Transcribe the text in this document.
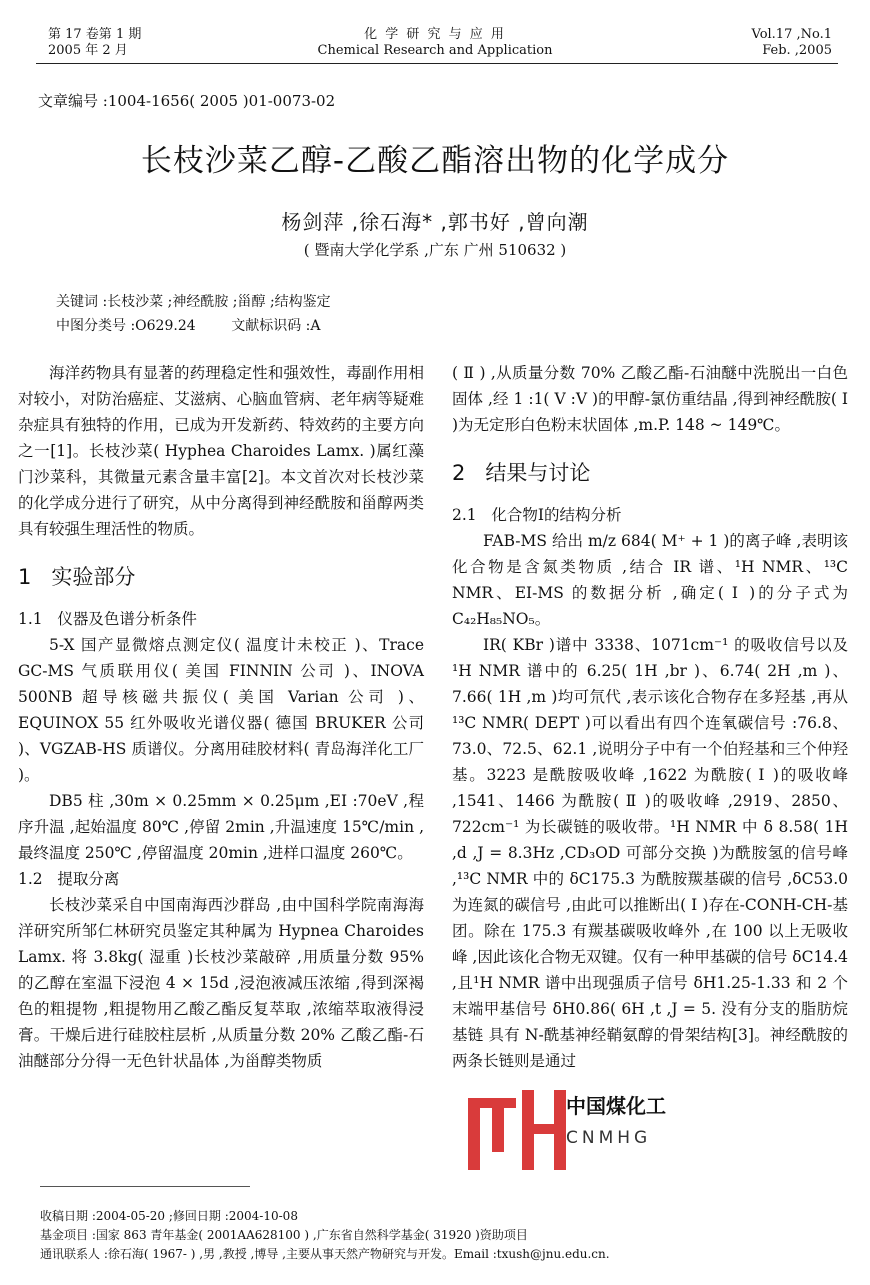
第 17 卷第 1 期
2005 年 2 月
化 学 研 究 与 应 用
Chemical Research and Application
Vol.17 ,No.1
Feb. ,2005
文章编号 :1004-1656( 2005 )01-0073-02
长枝沙菜乙醇-乙酸乙酯溶出物的化学成分
杨剑萍 ,徐石海* ,郭书好 ,曾向潮
( 暨南大学化学系 ,广东 广州 510632 )
关键词 :长枝沙菜 ;神经酰胺 ;甾醇 ;结构鉴定
中图分类号 :O629.24        文献标识码 :A

海洋药物具有显著的药理稳定性和强效性，毒副作用相对较小，对防治癌症、艾滋病、心脑血管病、老年病等疑难杂症具有独特的作用，已成为开发新药、特效药的主要方向之一[1]。长枝沙菜( Hyphea Charoides Lamx. )属红藻门沙菜科，其微量元素含量丰富[2]。本文首次对长枝沙菜的化学成分进行了研究，从中分离得到神经酰胺和甾醇两类具有较强生理活性的物质。

1   实验部分
1.1   仪器及色谱分析条件

5-X 国产显微熔点测定仪( 温度计未校正 )、Trace GC-MS 气质联用仪( 美国 FINNIN 公司 )、INOVA 500NB 超导核磁共振仪( 美国 Varian 公司 )、EQUINOX 55 红外吸收光谱仪器( 德国 BRUKER 公司 )、VGZAB-HS 质谱仪。分离用硅胶材料( 青岛海洋化工厂 )。

DB5 柱 ,30m × 0.25mm × 0.25μm ,EI :70eV ,程序升温 ,起始温度 80℃ ,停留 2min ,升温速度 15℃/min ,最终温度 250℃ ,停留温度 20min ,进样口温度 260℃。

1.2   提取分离

长枝沙菜采自中国南海西沙群岛 ,由中国科学院南海海洋研究所邹仁林研究员鉴定其种属为 Hypnea Charoides Lamx. 将 3.8kg( 湿重 )长枝沙菜敲碎 ,用质量分数 95% 的乙醇在室温下浸泡 4 × 15d ,浸泡液减压浓缩 ,得到深褐色的粗提物 ,粗提物用乙酸乙酯反复萃取 ,浓缩萃取液得浸膏。干燥后进行硅胶柱层析 ,从质量分数 20% 乙酸乙酯-石油醚部分分得一无色针状晶体 ,为甾醇类物质

( Ⅱ ) ,从质量分数 70% 乙酸乙酯-石油醚中洗脱出一白色固体 ,经 1 :1( V :V )的甲醇-氯仿重结晶 ,得到神经酰胺( Ⅰ )为无定形白色粉末状固体 ,m.P. 148 ~ 149℃。

2   结果与讨论
2.1   化合物Ⅰ的结构分析

FAB-MS 给出 m/z 684( M⁺ + 1 )的离子峰 ,表明该化合物是含氮类物质 ,结合 IR 谱、¹H NMR、¹³C NMR、EI-MS 的数据分析 ,确定( Ⅰ )的分子式为 C₄₂H₈₅NO₅。

IR( KBr )谱中 3338、1071cm⁻¹ 的吸收信号以及¹H NMR 谱中的 6.25( 1H ,br )、6.74( 2H ,m )、7.66( 1H ,m )均可氘代 ,表示该化合物存在多羟基 ,再从¹³C NMR( DEPT )可以看出有四个连氧碳信号 :76.8、73.0、72.5、62.1 ,说明分子中有一个伯羟基和三个仲羟基。3223 是酰胺吸收峰 ,1622 为酰胺( Ⅰ )的吸收峰 ,1541、1466 为酰胺( Ⅱ )的吸收峰 ,2919、2850、722cm⁻¹ 为长碳链的吸收带。¹H NMR 中 δ 8.58( 1H ,d ,J = 8.3Hz ,CD₃OD 可部分交换 )为酰胺氢的信号峰 ,¹³C NMR 中的 δC175.3 为酰胺羰基碳的信号 ,δC53.0 为连氮的碳信号 ,由此可以推断出( Ⅰ )存在-CONH-CH-基团。除在 175.3 有羰基碳吸收峰外 ,在 100 以上无吸收峰 ,因此该化合物无双键。仅有一种甲基碳的信号 δC14.4 ,且¹H NMR 谱中出现强质子信号 δH1.25-1.33 和 2 个末端甲基信号 δH0.86( 6H ,t ,J = 5. 没有分支的脂肪烷基链 具有 N-酰基神经鞘氨醇的骨架结构[3]。神经酰胺的两条长链则是通过

中国煤化工
CNMHG
收稿日期 :2004-05-20 ;修回日期 :2004-10-08
基金项目 :国家 863 青年基金( 2001AA628100 ) ,广东省自然科学基金( 31920 )资助项目
通讯联系人 :徐石海( 1967- ) ,男 ,教授 ,博导 ,主要从事天然产物研究与开发。Email :txush@jnu.edu.cn.
